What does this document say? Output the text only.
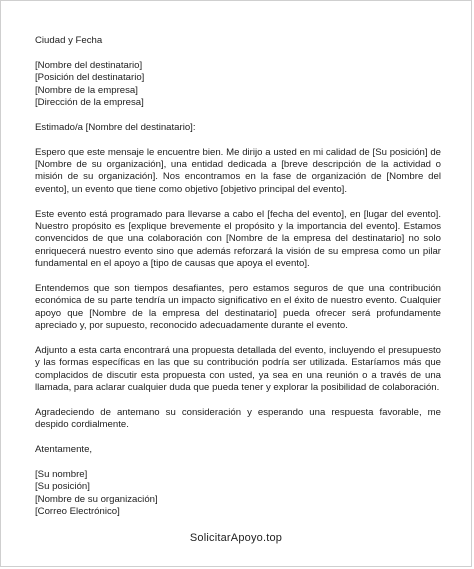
Ciudad y Fecha

[Nombre del destinatario]
[Posición del destinatario]
[Nombre de la empresa]
[Dirección de la empresa]

Estimado/a [Nombre del destinatario]:

Espero que este mensaje le encuentre bien. Me dirijo a usted en mi calidad de [Su posición] de [Nombre de su organización], una entidad dedicada a [breve descripción de la actividad o misión de su organización]. Nos encontramos en la fase de organización de [Nombre del evento], un evento que tiene como objetivo [objetivo principal del evento].

Este evento está programado para llevarse a cabo el [fecha del evento], en [lugar del evento]. Nuestro propósito es [explique brevemente el propósito y la importancia del evento]. Estamos convencidos de que una colaboración con [Nombre de la empresa del destinatario] no solo enriquecerá nuestro evento sino que además reforzará la visión de su empresa como un pilar fundamental en el apoyo a [tipo de causas que apoya el evento].

Entendemos que son tiempos desafiantes, pero estamos seguros de que una contribución económica de su parte tendría un impacto significativo en el éxito de nuestro evento. Cualquier apoyo que [Nombre de la empresa del destinatario] pueda ofrecer será profundamente apreciado y, por supuesto, reconocido adecuadamente durante el evento.

Adjunto a esta carta encontrará una propuesta detallada del evento, incluyendo el presupuesto y las formas específicas en las que su contribución podría ser utilizada. Estaríamos más que complacidos de discutir esta propuesta con usted, ya sea en una reunión o a través de una llamada, para aclarar cualquier duda que pueda tener y explorar la posibilidad de colaboración.

Agradeciendo de antemano su consideración y esperando una respuesta favorable, me despido cordialmente.

Atentamente,

[Su nombre]
[Su posición]
[Nombre de su organización]
[Correo Electrónico]

SolicitarApoyo.top
